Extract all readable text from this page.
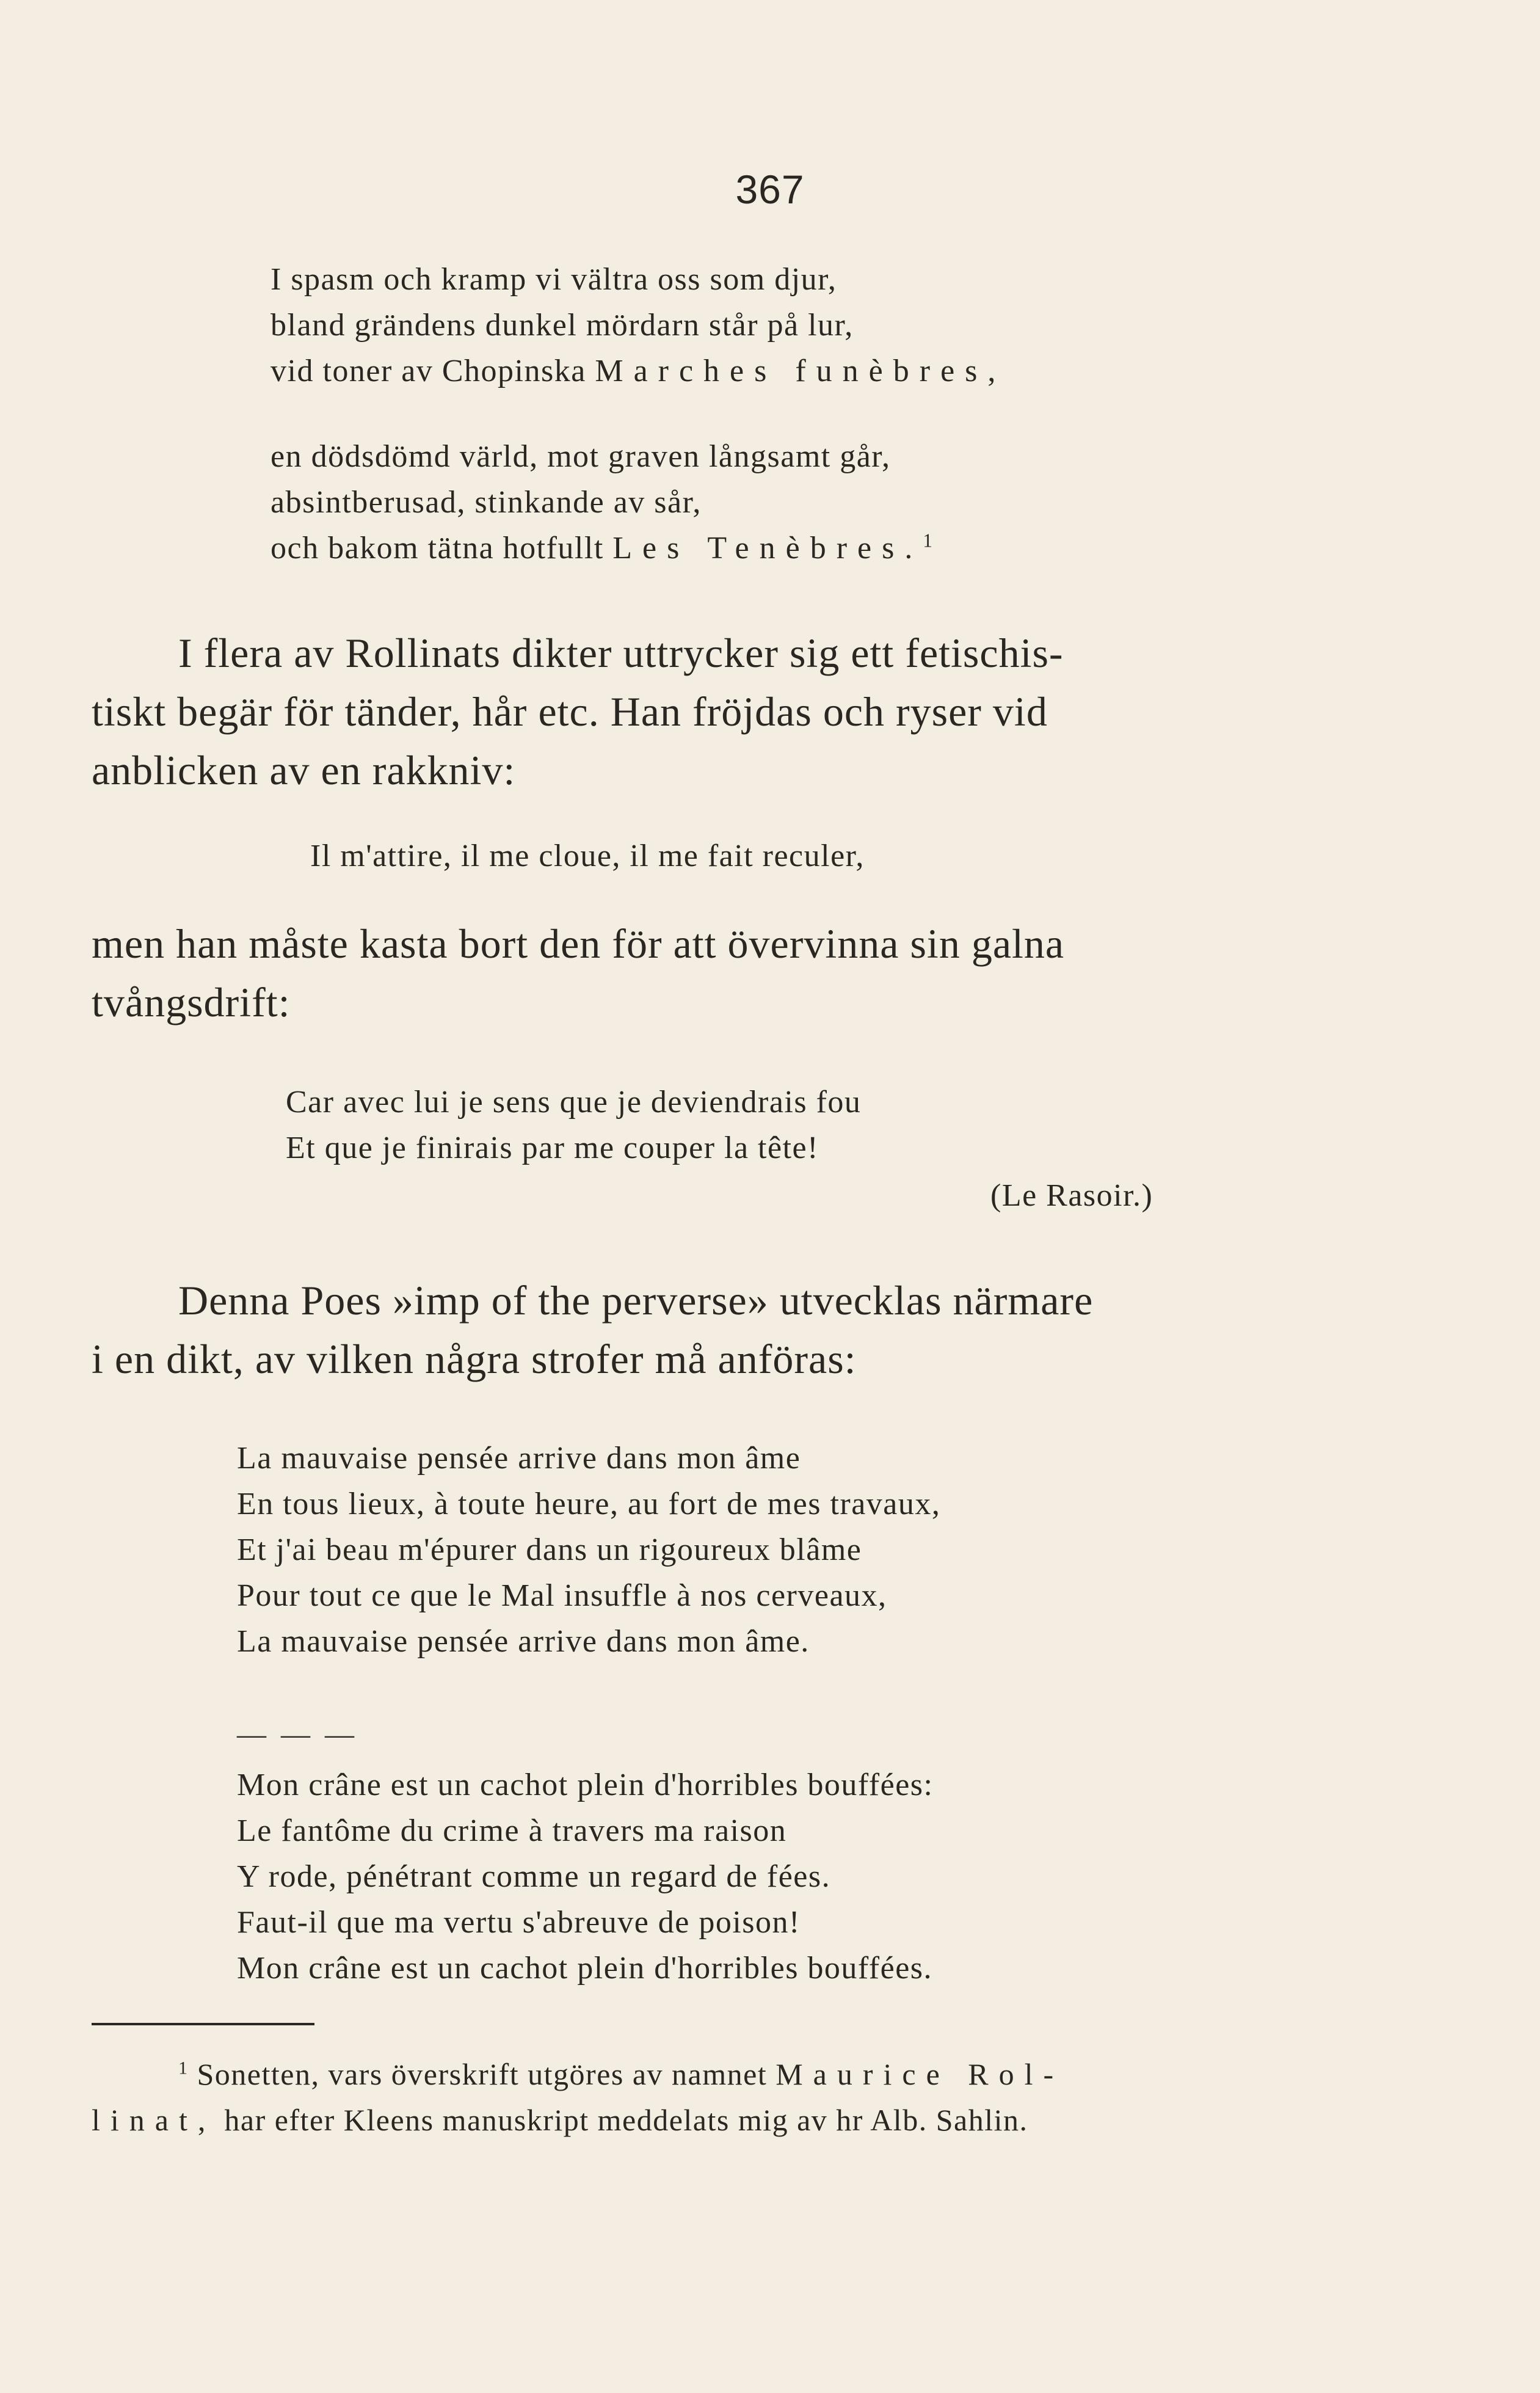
367
I spasm och kramp vi vältra oss som djur,
bland grändens dunkel mördarn står på lur,
vid toner av Chopinska Marches funèbres,
en dödsdömd värld, mot graven långsamt går,
absintberusad, stinkande av sår,
och bakom tätna hotfullt Les Tenèbres.$^1$
I flera av Rollinats dikter uttrycker sig ett fetischis-
tiskt begär för tänder, hår etc. Han fröjdas och ryser vid
anblicken av en rakkniv:
Il m'attire, il me cloue, il me fait reculer,
men han måste kasta bort den för att övervinna sin galna
tvångsdrift:
Car avec lui je sens que je deviendrais fou
Et que je finirais par me couper la tête!
(Le Rasoir.)
Denna Poes »imp of the perverse» utvecklas närmare
i en dikt, av vilken några strofer må anföras:
La mauvaise pensée arrive dans mon âme
En tous lieux, à toute heure, au fort de mes travaux,
Et j'ai beau m'épurer dans un rigoureux blâme
Pour tout ce que le Mal insuffle à nos cerveaux,
La mauvaise pensée arrive dans mon âme.
— — —
Mon crâne est un cachot plein d'horribles bouffées:
Le fantôme du crime à travers ma raison
Y rode, pénétrant comme un regard de fées.
Faut-il que ma vertu s'abreuve de poison!
Mon crâne est un cachot plein d'horribles bouffées.
$^1$ Sonetten, vars överskrift utgöres av namnet Maurice Rol-
linat, har efter Kleens manuskript meddelats mig av hr Alb. Sahlin.
